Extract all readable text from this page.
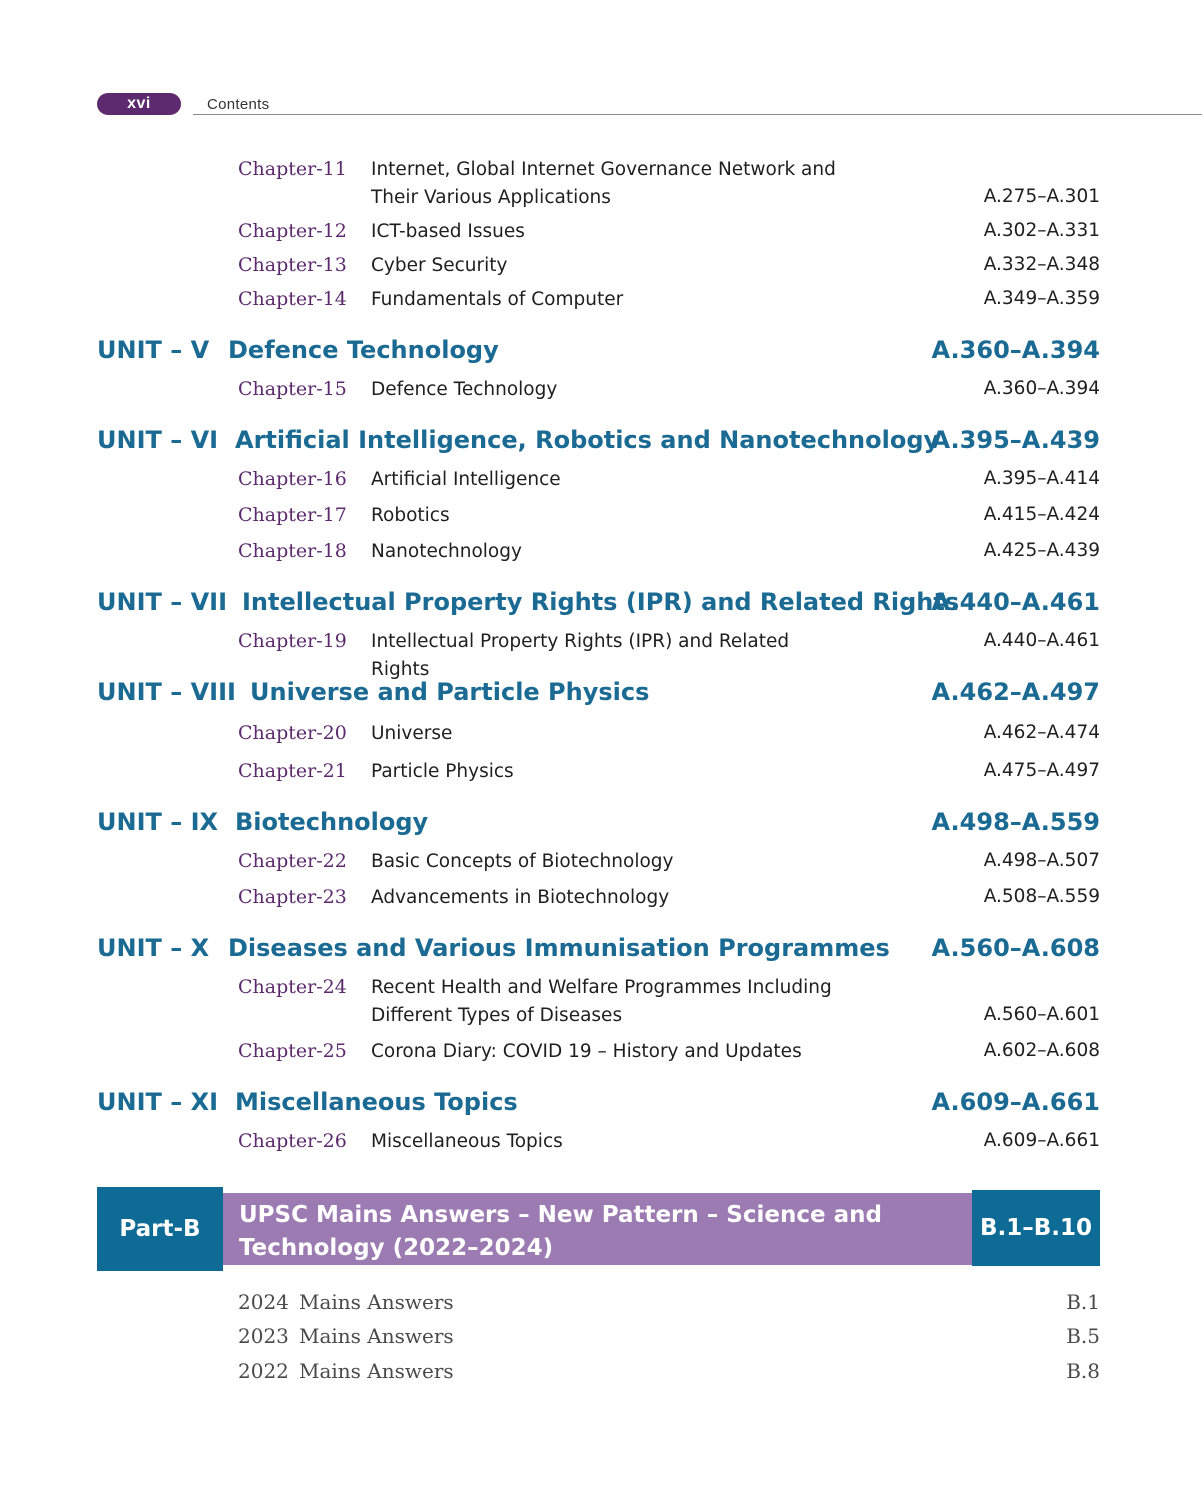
xvi	Contents
Chapter-11 Internet, Global Internet Governance Network and Their Various Applications	A.275–A.301
Chapter-12 ICT-based Issues	A.302–A.331
Chapter-13 Cyber Security	A.332–A.348
Chapter-14 Fundamentals of Computer	A.349–A.359
UNIT – V Defence Technology	A.360–A.394
Chapter-15 Defence Technology	A.360–A.394
UNIT – VI Artificial Intelligence, Robotics and Nanotechnology
A.395–A.439
Chapter-16 Artificial Intelligence	A.395–A.414
Chapter-17 Robotics	A.415–A.424
Chapter-18 Nanotechnology	A.425–A.439
UNIT – VII Intellectual Property Rights (IPR) and Related Rights
A.440–A.461
Chapter-19 Intellectual Property Rights (IPR) and Related Rights
A.440–A.461
UNIT – VIII Universe and Particle Physics	A.462–A.497
Chapter-20 Universe	A.462–A.474
Chapter-21 Particle Physics	A.475–A.497
UNIT – IX Biotechnology	A.498–A.559
Chapter-22 Basic Concepts of Biotechnology	A.498–A.507
Chapter-23 Advancements in Biotechnology	A.508–A.559
UNIT – X Diseases and Various Immunisation Programmes A.560–A.608
Chapter-24 Recent Health and Welfare Programmes Including Different Types of Diseases	A.560–A.601
Chapter-25 Corona Diary: COVID 19 – History and Updates	A.602–A.608
UNIT – XI Miscellaneous Topics	A.609–A.661
Chapter-26 Miscellaneous Topics	A.609–A.661
Part-B
UPSC Mains Answers – New Pattern – Science and Technology (2022–2024)
B.1–B.10
2024 Mains Answers	B.1
2023 Mains Answers	B.5
2022 Mains Answers	B.8
